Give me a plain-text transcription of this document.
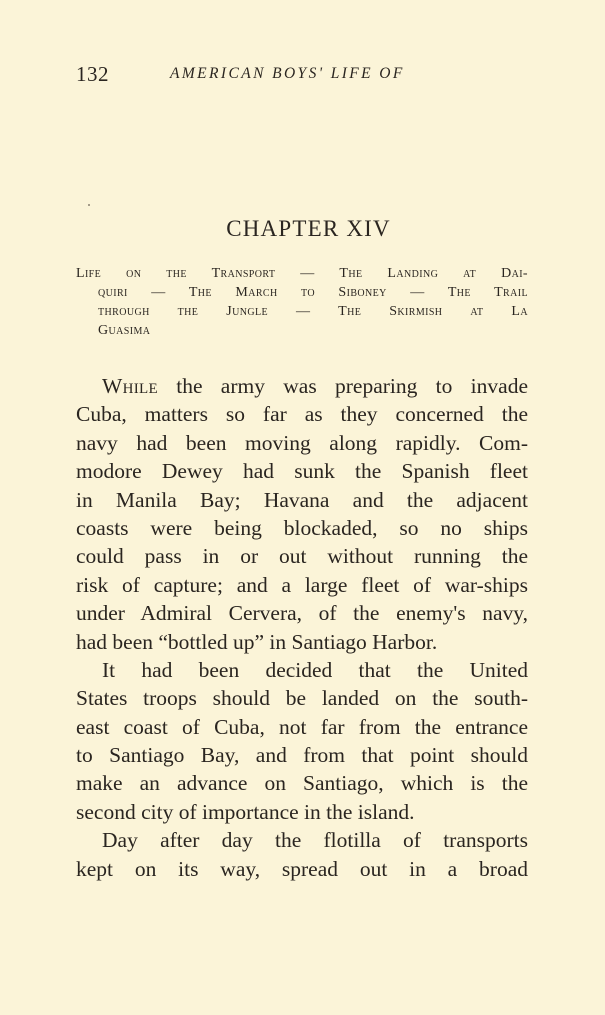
132	AMERICAN BOYS' LIFE OF
CHAPTER XIV
Life on the Transport — The Landing at Dai-
quiri — The March to Siboney — The Trail
through the Jungle — The Skirmish at La
Guasima
While the army was preparing to invade
Cuba, matters so far as they concerned the
navy had been moving along rapidly. Com-
modore Dewey had sunk the Spanish fleet
in Manila Bay; Havana and the adjacent
coasts were being blockaded, so no ships
could pass in or out without running the
risk of capture; and a large fleet of war-ships
under Admiral Cervera, of the enemy's navy,
had been “bottled up” in Santiago Harbor.
It had been decided that the United
States troops should be landed on the south-
east coast of Cuba, not far from the entrance
to Santiago Bay, and from that point should
make an advance on Santiago, which is the
second city of importance in the island.
Day after day the flotilla of transports
kept on its way, spread out in a broad
